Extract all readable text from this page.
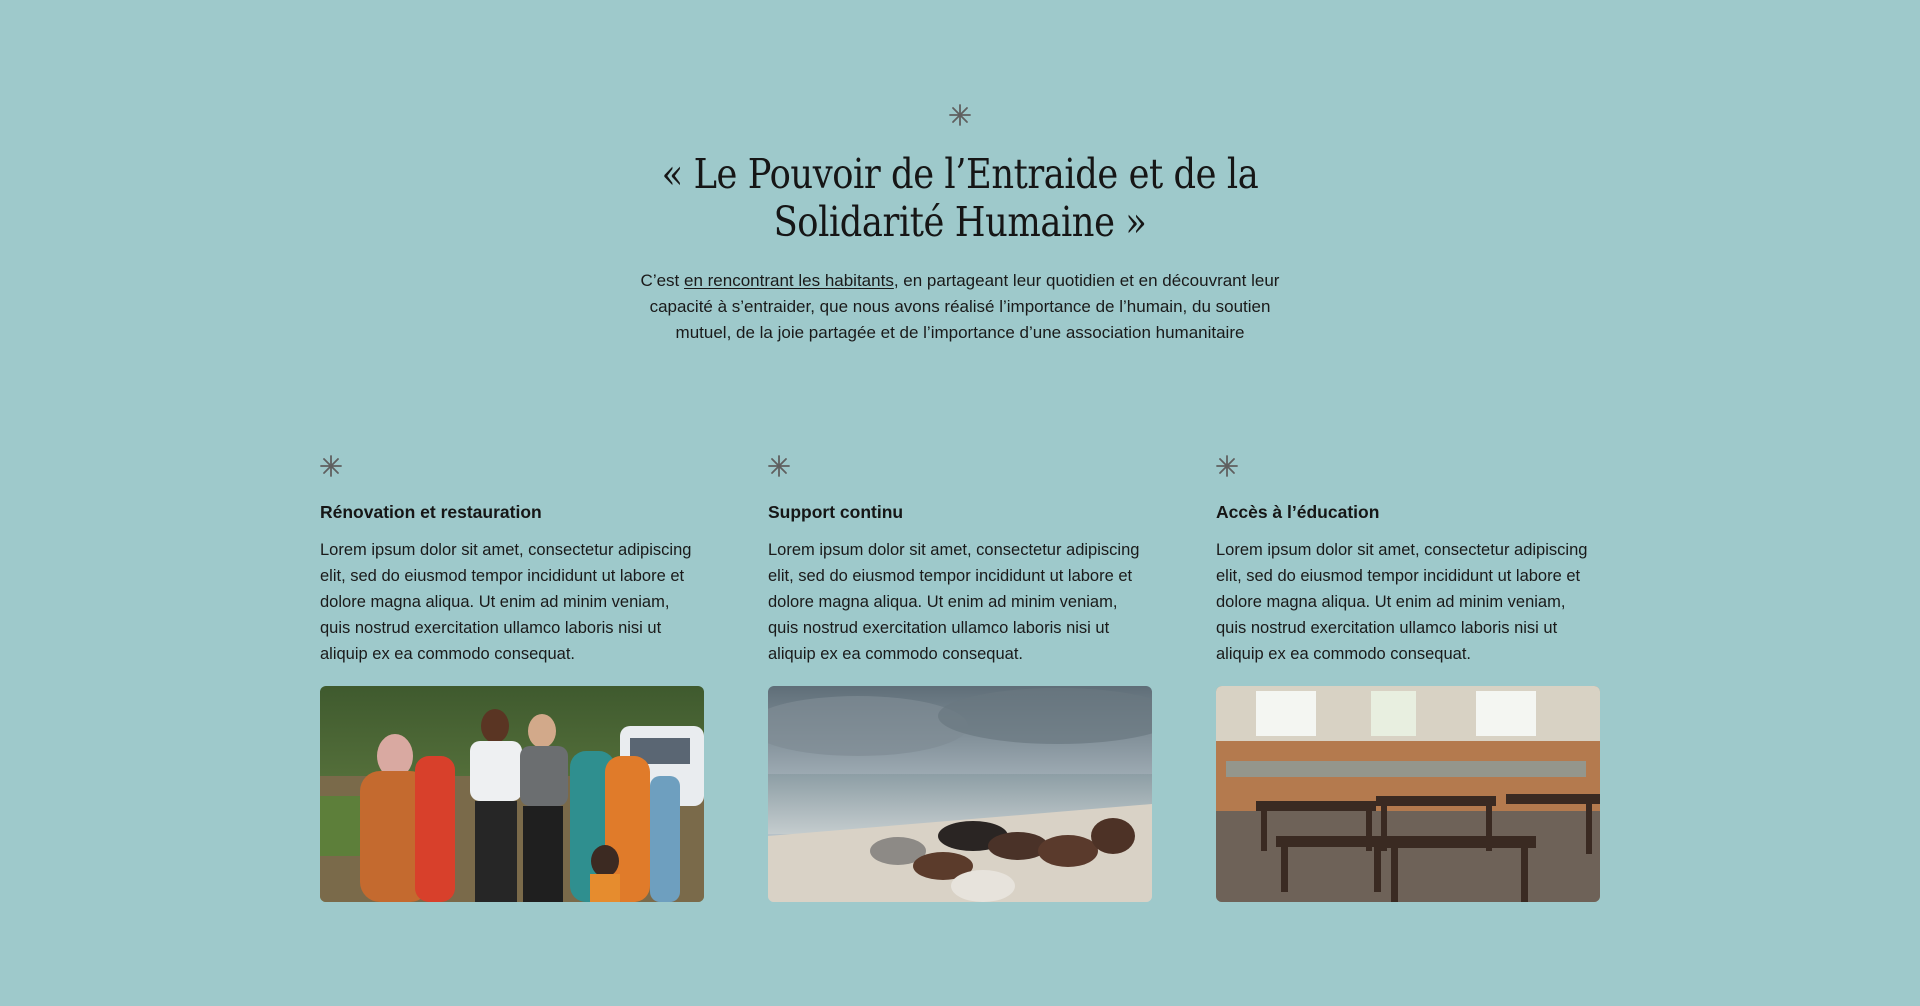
« Le Pouvoir de l’Entraide et de la
Solidarité Humaine »

C’est en rencontrant les habitants, en partageant leur quotidien et en découvrant leur capacité à s’entraider, que nous avons réalisé l’importance de l’humain, du soutien mutuel, de la joie partagée et de l’importance d’une association humanitaire

Rénovation et restauration

Lorem ipsum dolor sit amet, consectetur adipiscing elit, sed do eiusmod tempor incididunt ut labore et dolore magna aliqua. Ut enim ad minim veniam, quis nostrud exercitation ullamco laboris nisi ut aliquip ex ea commodo consequat.

Support continu

Lorem ipsum dolor sit amet, consectetur adipiscing elit, sed do eiusmod tempor incididunt ut labore et dolore magna aliqua. Ut enim ad minim veniam, quis nostrud exercitation ullamco laboris nisi ut aliquip ex ea commodo consequat.

Accès à l’éducation

Lorem ipsum dolor sit amet, consectetur adipiscing elit, sed do eiusmod tempor incididunt ut labore et dolore magna aliqua. Ut enim ad minim veniam, quis nostrud exercitation ullamco laboris nisi ut aliquip ex ea commodo consequat.
